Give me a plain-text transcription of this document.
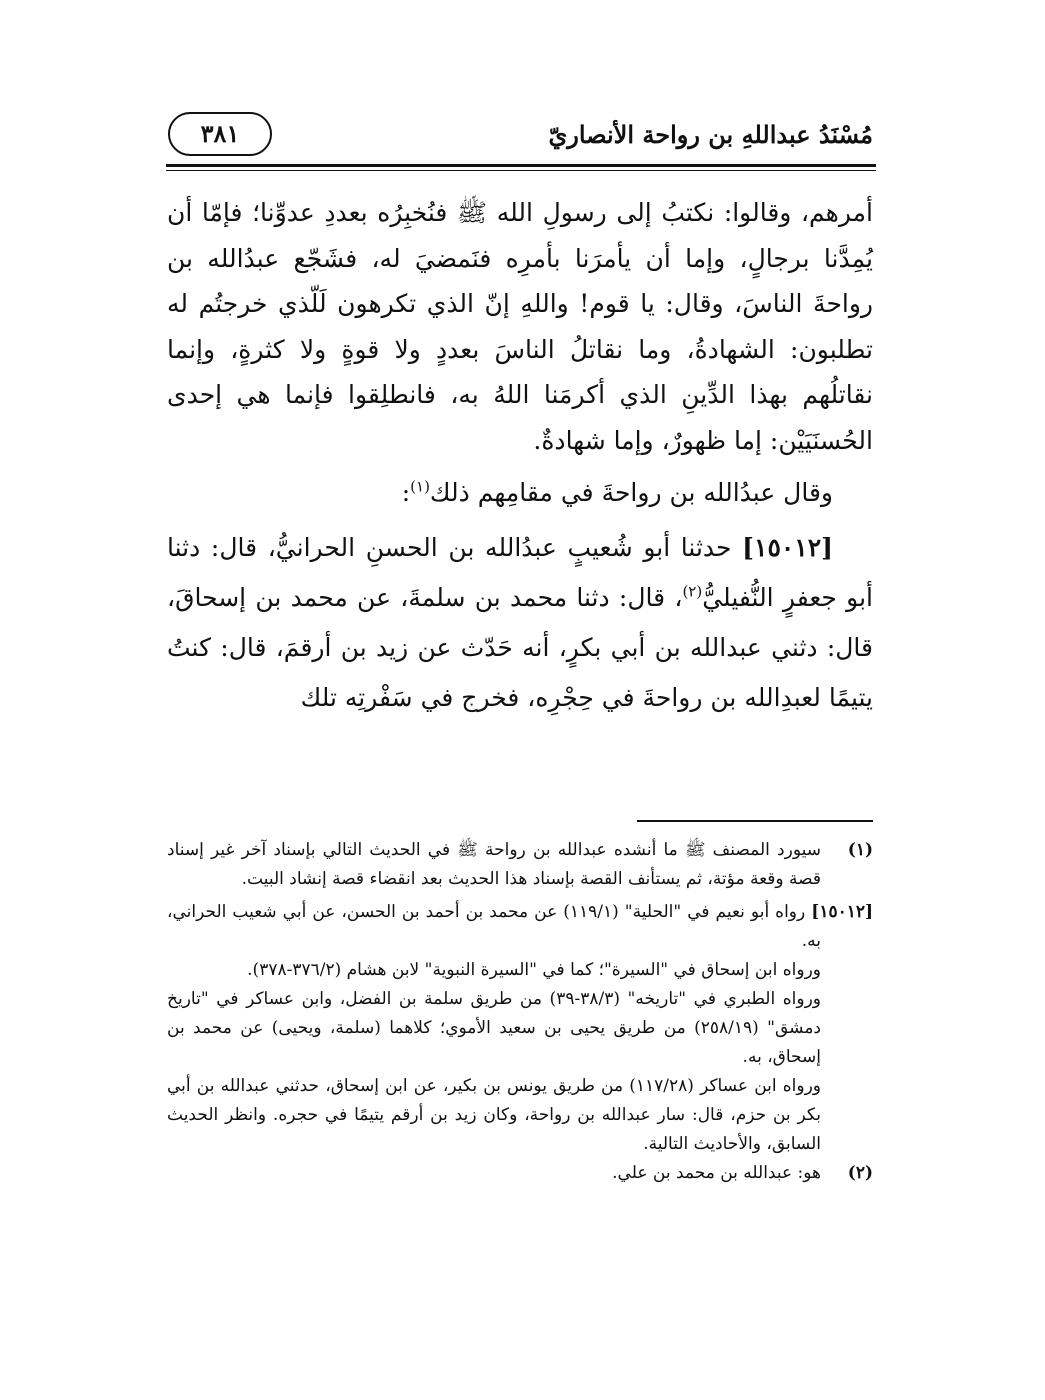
مُسْنَدُ عبداللهِ بن رواحة الأنصاريّ
٣٨١

أمرهم، وقالوا: نكتبُ إلى رسولِ الله ﷺ فنُخبِرُه بعددِ عدوِّنا؛ فإمّا أن يُمِدَّنا برجالٍ، وإما أن يأمرَنا بأمرِه فنَمضيَ له، فشَجّع عبدُالله بن رواحةَ الناسَ، وقال: يا قوم! واللهِ إنّ الذي تكرهون لَلّذي خرجتُم له تطلبون: الشهادةُ، وما نقاتلُ الناسَ بعددٍ ولا قوةٍ ولا كثرةٍ، وإنما نقاتلُهم بهذا الدِّينِ الذي أكرمَنا اللهُ به، فانطلِقوا فإنما هي إحدى الحُسنَيَيْن: إما ظهورٌ، وإما شهادةٌ.

وقال عبدُالله بن رواحةَ في مقامِهم ذلك$^{(١)}$:

[١٥٠١٢] حدثنا أبو شُعيبٍ عبدُالله بن الحسنِ الحرانيُّ، قال: دثنا أبو جعفرٍ النُّفيليُّ$^{(٢)}$، قال: دثنا محمد بن سلمةَ، عن محمد بن إسحاقَ، قال: دثني عبدالله بن أبي بكرٍ، أنه حَدّث عن زيد بن أرقمَ، قال: كنتُ يتيمًا لعبدِالله بن رواحةَ في حِجْرِه، فخرج في سَفْرتِه تلك

(١)
سيورد المصنف ﷺ ما أنشده عبدالله بن رواحة ﷺ في الحديث التالي بإسناد آخر غير إسناد قصة وقعة مؤتة، ثم يستأنف القصة بإسناد هذا الحديث بعد انقضاء قصة إنشاد البيت.

[١٥٠١٢] رواه أبو نعيم في "الحلية" (١١٩/١) عن محمد بن أحمد بن الحسن، عن أبي شعيب الحراني، به.

ورواه ابن إسحاق في "السيرة"؛ كما في "السيرة النبوية" لابن هشام (٣٧٦/٢-٣٧٨).

ورواه الطبري في "تاريخه" (٣٨/٣-٣٩) من طريق سلمة بن الفضل، وابن عساكر في "تاريخ دمشق" (٢٥٨/١٩) من طريق يحيى بن سعيد الأموي؛ كلاهما (سلمة، ويحيى) عن محمد بن إسحاق، به.

ورواه ابن عساكر (١١٧/٢٨) من طريق يونس بن بكير، عن ابن إسحاق، حدثني عبدالله بن أبي بكر بن حزم، قال: سار عبدالله بن رواحة، وكان زيد بن أرقم يتيمًا في حجره. وانظر الحديث السابق، والأحاديث التالية.

(٢)
هو: عبدالله بن محمد بن علي.
